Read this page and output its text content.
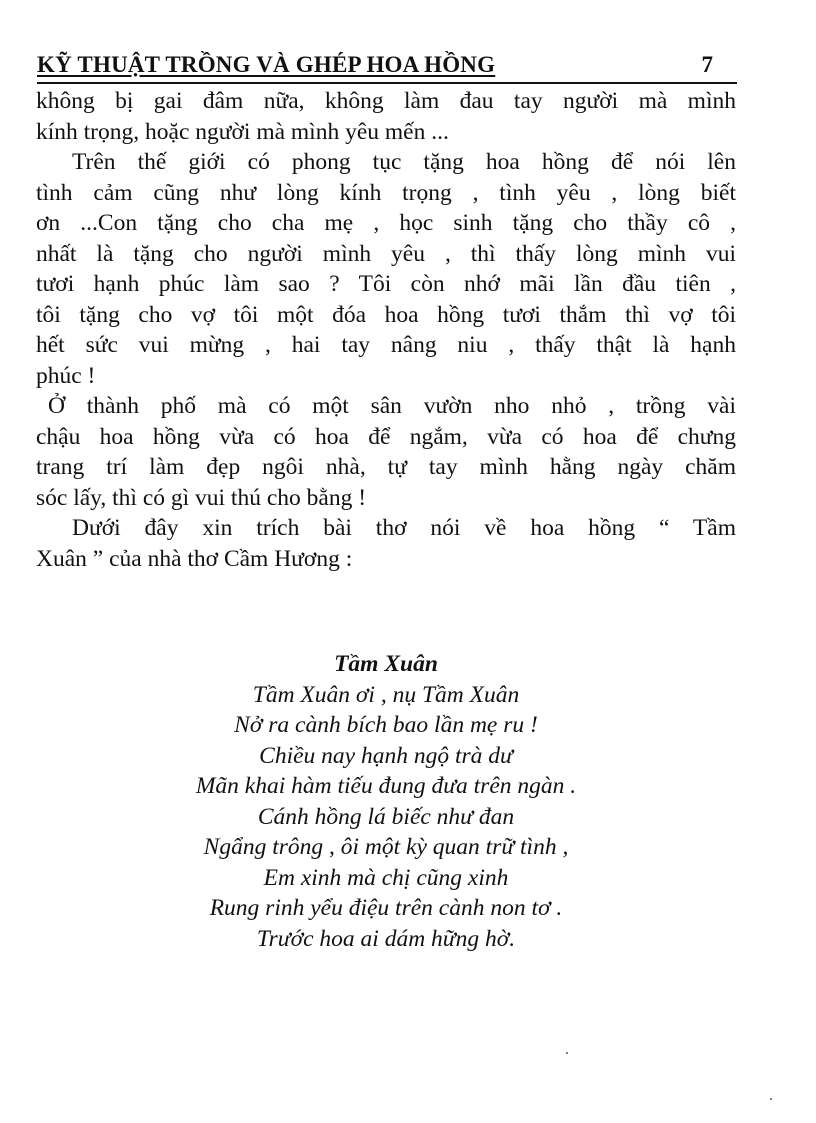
KỸ THUẬT TRỒNG VÀ GHÉP HOA HỒNG	7
không bị gai đâm nữa, không làm đau tay người mà mình
kính trọng, hoặc người mà mình yêu mến ...
Trên thế giới có phong tục tặng hoa hồng để nói lên
tình cảm cũng như lòng kính trọng , tình yêu , lòng biết
ơn ...Con tặng cho cha mẹ , học sinh tặng cho thầy cô ,
nhất là tặng cho người mình yêu , thì thấy lòng mình vui
tươi hạnh phúc làm sao ? Tôi còn nhớ mãi lần đầu tiên ,
tôi tặng cho vợ tôi một đóa hoa hồng tươi thắm thì vợ tôi
hết sức vui mừng , hai tay nâng niu , thấy thật là hạnh
phúc !
Ở thành phố mà có một sân vườn nho nhỏ , trồng vài
chậu hoa hồng vừa có hoa để ngắm, vừa có hoa để chưng
trang trí làm đẹp ngôi nhà, tự tay mình hằng ngày chăm
sóc lấy, thì có gì vui thú cho bằng !
Dưới đây xin trích bài thơ nói về hoa hồng “ Tầm
Xuân ” của nhà thơ Cầm Hương :
Tầm Xuân
Tầm Xuân ơi , nụ Tầm Xuân
Nở ra cành bích bao lần mẹ ru !
Chiều nay hạnh ngộ trà dư
Mãn khai hàm tiếu đung đưa trên ngàn .
Cánh hồng lá biếc như đan
Ngẩng trông , ôi một kỳ quan trữ tình ,
Em xinh mà chị cũng xinh
Rung rinh yểu điệu trên cành non tơ .
Trước hoa ai dám hững hờ.
